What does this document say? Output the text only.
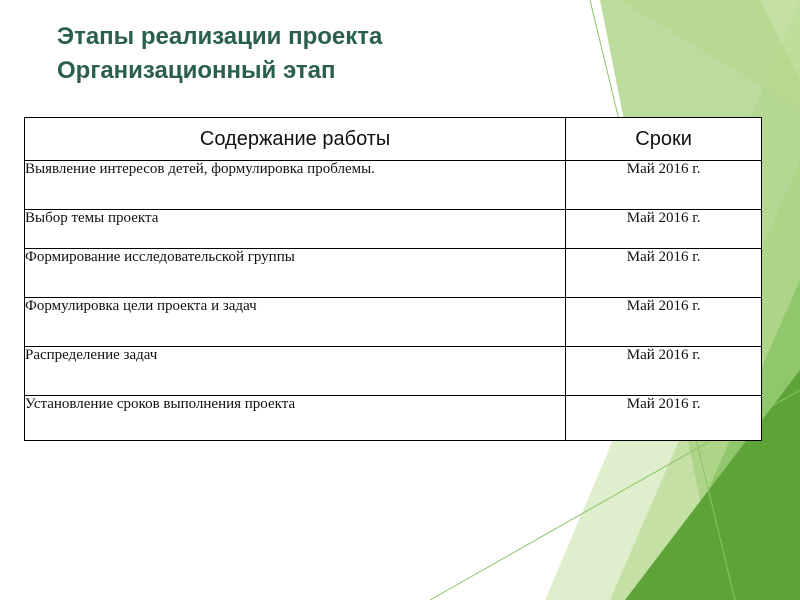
Этапы реализации проекта
Организационный этап
Содержание работы	Сроки
Выявление интересов детей, формулировка проблемы.	Май 2016 г.
Выбор темы проекта	Май 2016 г.
Формирование исследовательской группы	Май 2016 г.
Формулировка цели проекта и задач	Май 2016 г.
Распределение задач	Май 2016 г.
Установление сроков выполнения проекта	Май 2016 г.
